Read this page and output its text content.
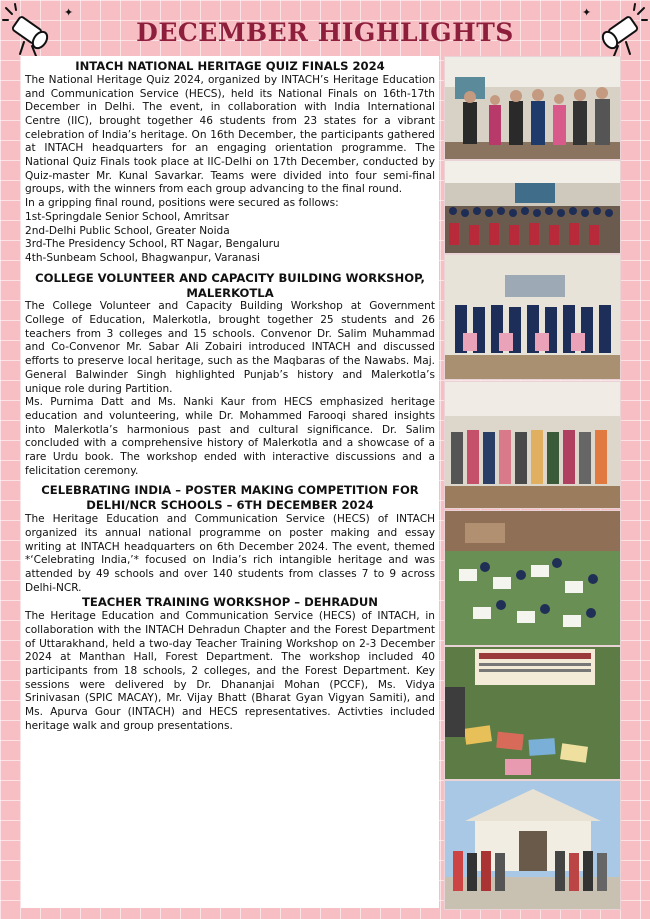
✦	✦
DECEMBER HIGHLIGHTS
INTACH NATIONAL HERITAGE QUIZ FINALS 2024

The National Heritage Quiz 2024, organized by INTACH’s Heritage Education and Communication Service (HECS), held its National Finals on 16th-17th December in Delhi. The event, in collaboration with India International Centre (IIC), brought together 46 students from 23 states for a vibrant celebration of India’s heritage. On 16th December, the participants gathered at INTACH headquarters for an engaging orientation programme. The National Quiz Finals took place at IIC-Delhi on 17th December, conducted by Quiz-master Mr. Kunal Savarkar. Teams were divided into four semi-final groups, with the winners from each group advancing to the final round.

In a gripping final round, positions were secured as follows:

1st-Springdale Senior School, Amritsar
2nd-Delhi Public School, Greater Noida
3rd-The Presidency School, RT Nagar, Bengaluru
4th-Sunbeam School, Bhagwanpur, Varanasi
COLLEGE VOLUNTEER AND CAPACITY BUILDING WORKSHOP,
MALERKOTLA

The College Volunteer and Capacity Building Workshop at Government College of Education, Malerkotla, brought together 25 students and 26 teachers from 3 colleges and 15 schools. Convenor Dr. Salim Muhammad and Co-Convenor Mr. Sabar Ali Zobairi introduced INTACH and discussed efforts to preserve local heritage, such as the Maqbaras of the Nawabs. Maj. General Balwinder Singh highlighted Punjab’s history and Malerkotla’s unique role during Partition.

Ms. Purnima Datt and Ms. Nanki Kaur from HECS emphasized heritage education and volunteering, while Dr. Mohammed Farooqi shared insights into Malerkotla’s harmonious past and cultural significance. Dr. Salim concluded with a comprehensive history of Malerkotla and a showcase of a rare Urdu book. The workshop ended with interactive discussions and a felicitation ceremony.

CELEBRATING INDIA – POSTER MAKING COMPETITION FOR
DELHI/NCR SCHOOLS – 6TH DECEMBER 2024

The Heritage Education and Communication Service (HECS) of INTACH organized its annual national programme on poster making and essay writing at INTACH headquarters on 6th December 2024. The event, themed *‘Celebrating India,’* focused on India’s rich intangible heritage and was attended by 49 schools and over 140 students from classes 7 to 9 across Delhi-NCR.

TEACHER TRAINING WORKSHOP – DEHRADUN

The Heritage Education and Communication Service (HECS) of INTACH, in collaboration with the INTACH Dehradun Chapter and the Forest Department of Uttarakhand, held a two-day Teacher Training Workshop on 2-3 December 2024 at Manthan Hall, Forest Department. The workshop included 40 participants from 18 schools, 2 colleges, and the Forest Department. Key sessions were delivered by Dr. Dhananjai Mohan (PCCF), Ms. Vidya Srinivasan (SPIC MACAY), Mr. Vijay Bhatt (Bharat Gyan Vigyan Samiti), and Ms. Apurva Gour (INTACH) and HECS representatives. Activties included heritage walk and group presentations.
